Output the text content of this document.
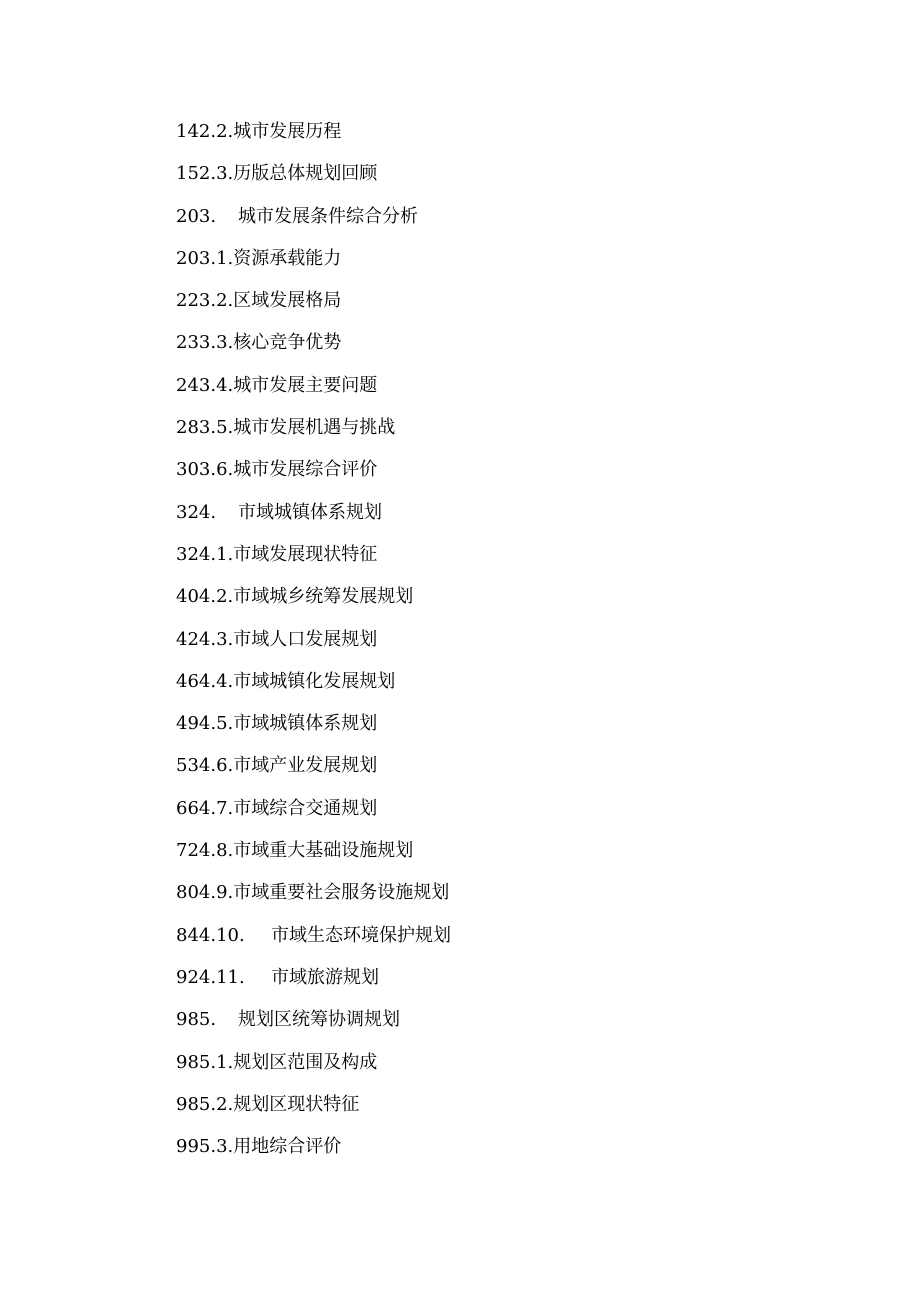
142.2. 城市发展历程
152.3. 历版总体规划回顾
203.	城市发展条件综合分析
203.1. 资源承载能力
223.2. 区域发展格局
233.3. 核心竞争优势
243.4. 城市发展主要问题
283.5. 城市发展机遇与挑战
303.6. 城市发展综合评价
324.	市域城镇体系规划
324.1. 市域发展现状特征
404.2. 市域城乡统筹发展规划
424.3. 市域人口发展规划
464.4. 市域城镇化发展规划
494.5. 市域城镇体系规划
534.6. 市域产业发展规划
664.7. 市域综合交通规划
724.8. 市域重大基础设施规划
804.9. 市域重要社会服务设施规划
844.10.	市域生态环境保护规划
924.11.	市域旅游规划
985.	规划区统筹协调规划
985.1. 规划区范围及构成
985.2. 规划区现状特征
995.3. 用地综合评价
